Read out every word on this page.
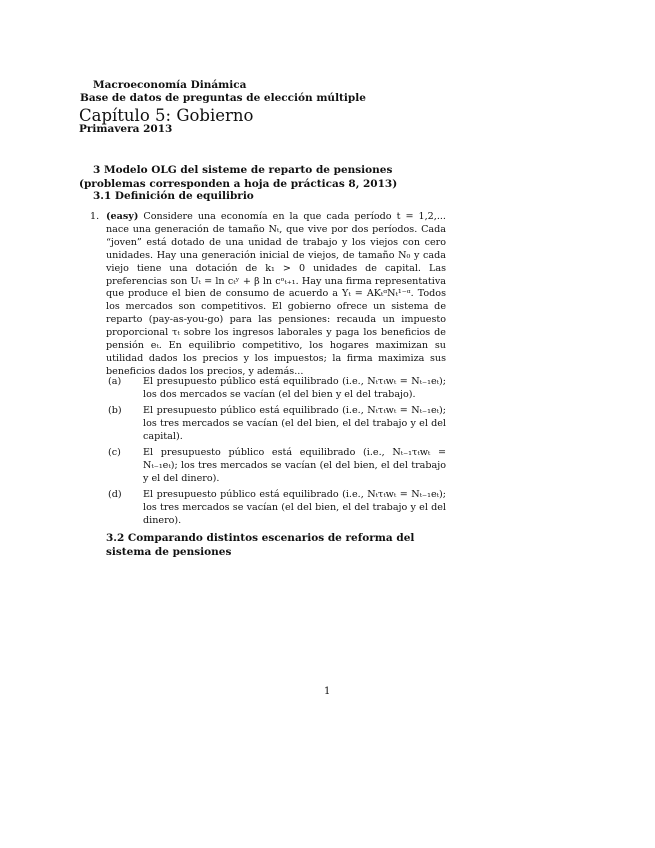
Macroeconomía Dinámica
Base de datos de preguntas de elección múltiple
Capítulo 5: Gobierno
Primavera 2013
3 Modelo OLG del sisteme de reparto de pensiones (problemas corresponden a hoja de prácticas 8, 2013)
3.1 Definición de equilibrio
1. (easy) Considere una economía en la que cada período t = 1,2,... nace una generación de tamaño Nₜ, que vive por dos períodos. Cada “joven” está dotado de una unidad de trabajo y los viejos con cero unidades. Hay una generación inicial de viejos, de tamaño N₀ y cada viejo tiene una dotación de k₁ > 0 unidades de capital. Las preferencias son Uₜ = ln cₜʸ + β ln cᵒₜ₊₁. Hay una firma representativa que produce el bien de consumo de acuerdo a Yₜ = AKₜᵅNₜ¹⁻ᵅ. Todos los mercados son competitivos. El gobierno ofrece un sistema de reparto (pay-as-you-go) para las pensiones: recauda un impuesto proporcional τₜ sobre los ingresos laborales y paga los beneficios de pensión eₜ. En equilibrio competitivo, los hogares maximizan su utilidad dados los precios y los impuestos; la firma maximiza sus beneficios dados los precios, y además...
(a)	El presupuesto público está equilibrado (i.e., Nₜτₜwₜ = Nₜ₋₁eₜ); los dos mercados se vacían (el del bien y el del trabajo).
(b)	El presupuesto público está equilibrado (i.e., Nₜτₜwₜ = Nₜ₋₁eₜ); los tres mercados se vacían (el del bien, el del trabajo y el del capital).
(c)	El presupuesto público está equilibrado (i.e., Nₜ₋₁τₜwₜ = Nₜ₋₁eₜ); los tres mercados se vacían (el del bien, el del trabajo y el del dinero).
(d)	El presupuesto público está equilibrado (i.e., Nₜτₜwₜ = Nₜ₋₁eₜ); los tres mercados se vacían (el del bien, el del trabajo y el del dinero).
3.2 Comparando distintos escenarios de reforma del sistema de pensiones
1
